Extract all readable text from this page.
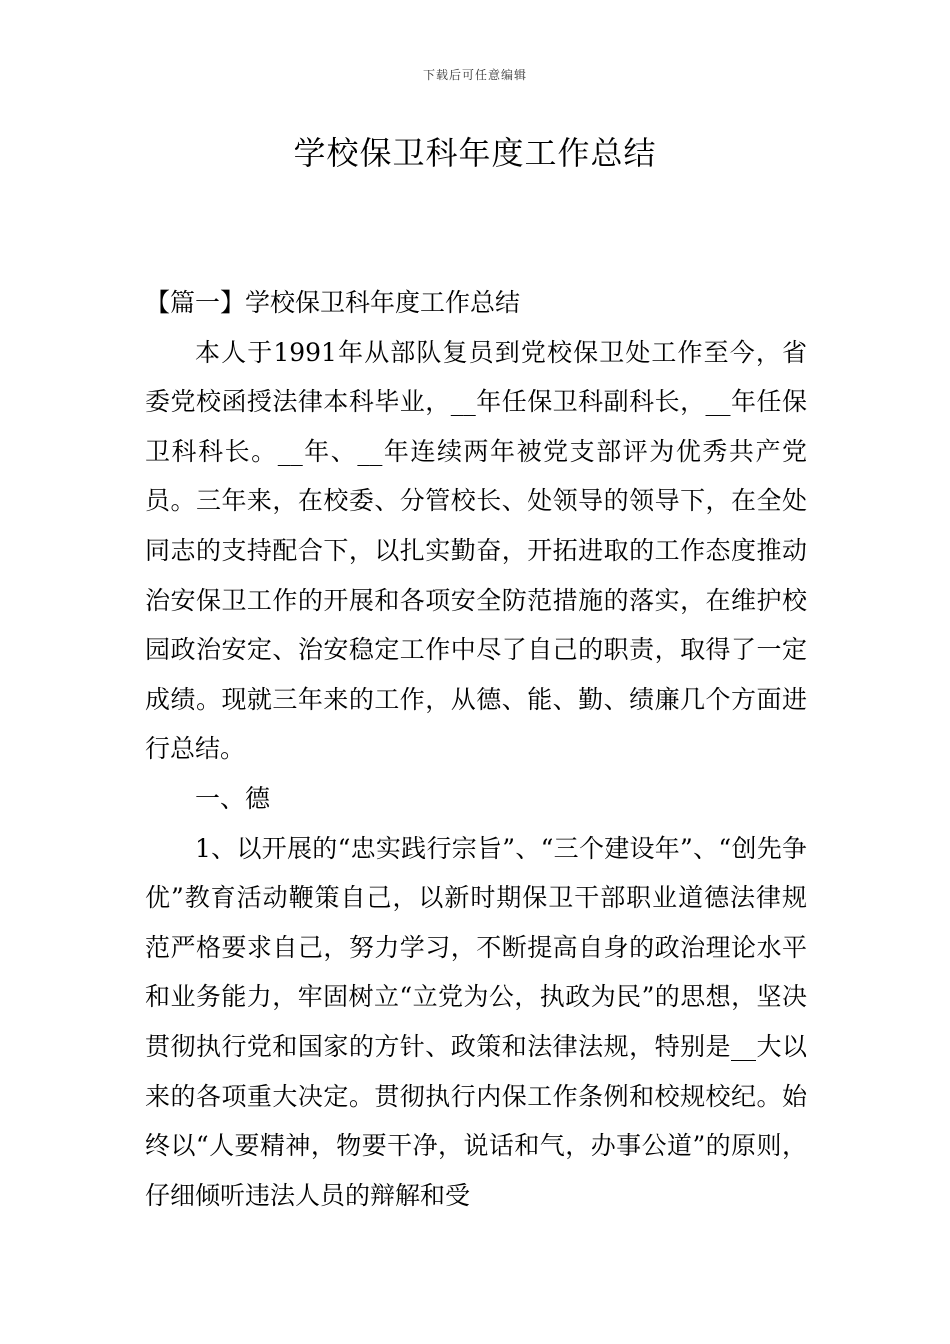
下载后可任意编辑
学校保卫科年度工作总结

【篇一】学校保卫科年度工作总结

本人于1991年从部队复员到党校保卫处工作至今，省委党校函授法律本科毕业，__年任保卫科副科长，__年任保卫科科长。__年、__年连续两年被党支部评为优秀共产党员。三年来，在校委、分管校长、处领导的领导下，在全处同志的支持配合下，以扎实勤奋，开拓进取的工作态度推动治安保卫工作的开展和各项安全防范措施的落实，在维护校园政治安定、治安稳定工作中尽了自己的职责，取得了一定成绩。现就三年来的工作，从德、能、勤、绩廉几个方面进行总结。

一、德

1、以开展的“忠实践行宗旨”、“三个建设年”、“创先争优”教育活动鞭策自己，以新时期保卫干部职业道德法律规范严格要求自己，努力学习，不断提高自身的政治理论水平和业务能力，牢固树立“立党为公，执政为民”的思想，坚决贯彻执行党和国家的方针、政策和法律法规，特别是__大以来的各项重大决定。贯彻执行内保工作条例和校规校纪。始终以“人要精神，物要干净，说话和气，办事公道”的原则，仔细倾听违法人员的辩解和受
